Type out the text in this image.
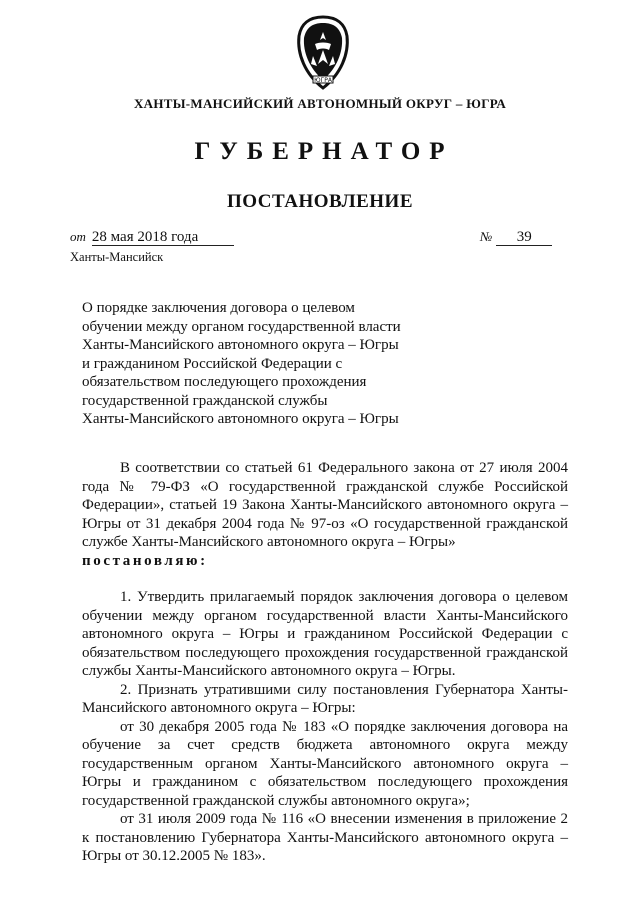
ЮГРА
ХАНТЫ-МАНСИЙСКИЙ АВТОНОМНЫЙ ОКРУГ – ЮГРА
ГУБЕРНАТОР
ПОСТАНОВЛЕНИЕ
от 28 мая 2018 года	№ 39
Ханты-Мансийск
О порядке заключения договора о целевом
обучении между органом государственной власти
Ханты-Мансийского автономного округа – Югры
и гражданином Российской Федерации с
обязательством последующего прохождения
государственной гражданской службы
Ханты-Мансийского автономного округа – Югры

В соответствии со статьей 61 Федерального закона от 27 июля 2004 года № 79-ФЗ «О государственной гражданской службе Российской Федерации», статьей 19 Закона Ханты-Мансийского автономного округа – Югры от 31 декабря 2004 года № 97-оз «О государственной гражданской службе Ханты-Мансийского автономного округа – Югры»

постановляю:

1. Утвердить прилагаемый порядок заключения договора о целевом обучении между органом государственной власти Ханты-Мансийского автономного округа – Югры и гражданином Российской Федерации с обязательством последующего прохождения государственной гражданской службы Ханты-Мансийского автономного округа – Югры.

2. Признать утратившими силу постановления Губернатора Ханты-Мансийского автономного округа – Югры:

от 30 декабря 2005 года № 183 «О порядке заключения договора на обучение за счет средств бюджета автономного округа между государственным органом Ханты-Мансийского автономного округа – Югры и гражданином с обязательством последующего прохождения государственной гражданской службы автономного округа»;

от 31 июля 2009 года № 116 «О внесении изменения в приложение 2 к постановлению Губернатора Ханты-Мансийского автономного округа – Югры от 30.12.2005 № 183».
